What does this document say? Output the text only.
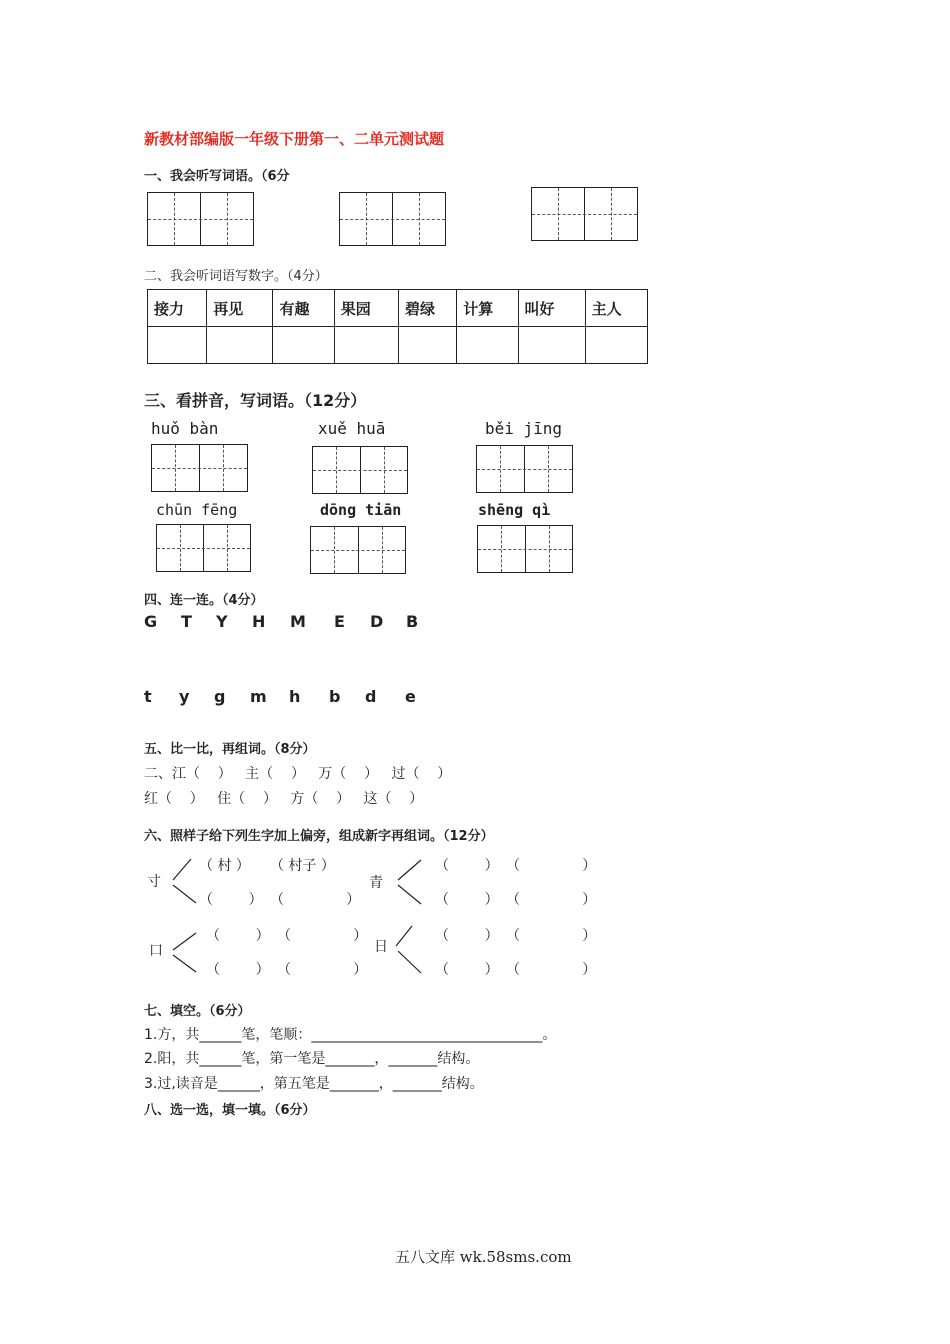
新教材部编版一年级下册第一、二单元测试题
一、我会听写词语。（6分
二、我会听词语写数字。（4分）
接力	再见	有趣	果园	碧绿	计算	叫好	主人

三、看拼音，写词语。（12分）
huǒ bàn	xuě huā	běi jīng
chūn fēng	dōng tiān	shēng qì
四、连一连。（4分）
G T Y H M E D B
t y g m h b d e
五、比一比，再组词。（8分）
二、江（    ）   主（    ）   万（    ）   过（    ）
红（    ）   住（    ）   方（    ）   这（    ）
六、照样子给下列生字加上偏旁，组成新字再组词。（12分）
寸
（ 村 ） （ 村子 ）
（        ） （              ）
青
（        ） （              ）
（        ） （              ）
口
（        ） （              ）
（        ） （              ）
日
（        ） （              ）
（        ） （              ）
七、填空。（6分）
1.方，共______笔，笔顺：_________________________________。
2.阳，共______笔，第一笔是_______，_______结构。
3.过,读音是______，第五笔是_______，_______结构。
八、选一选，填一填。（6分）
五八文库 wk.58sms.com
